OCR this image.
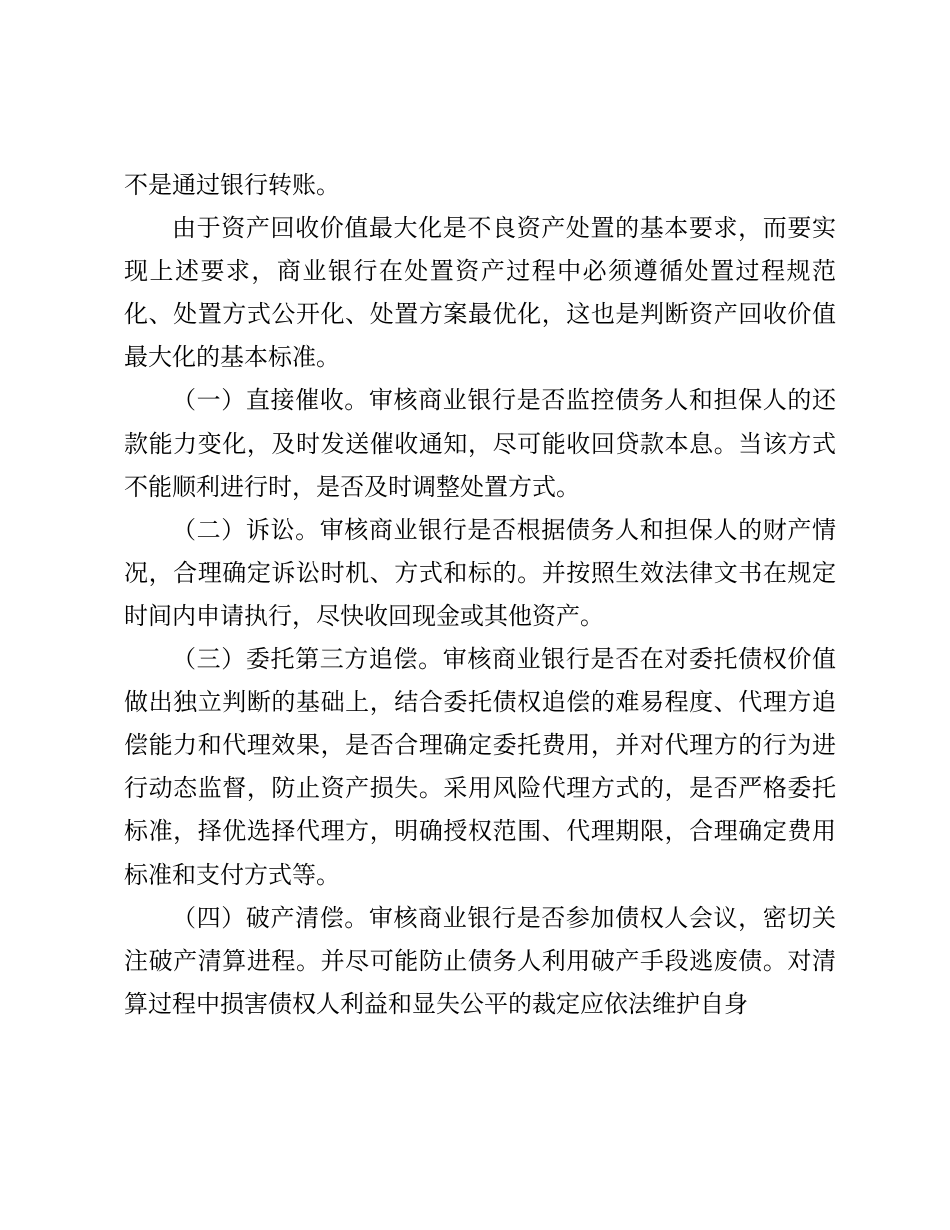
不是通过银行转账。

由于资产回收价值最大化是不良资产处置的基本要求，而要实现上述要求，商业银行在处置资产过程中必须遵循处置过程规范化、处置方式公开化、处置方案最优化，这也是判断资产回收价值最大化的基本标准。

（一）直接催收。审核商业银行是否监控债务人和担保人的还款能力变化，及时发送催收通知，尽可能收回贷款本息。当该方式不能顺利进行时，是否及时调整处置方式。

（二）诉讼。审核商业银行是否根据债务人和担保人的财产情况，合理确定诉讼时机、方式和标的。并按照生效法律文书在规定时间内申请执行，尽快收回现金或其他资产。

（三）委托第三方追偿。审核商业银行是否在对委托债权价值做出独立判断的基础上，结合委托债权追偿的难易程度、代理方追偿能力和代理效果，是否合理确定委托费用，并对代理方的行为进行动态监督，防止资产损失。采用风险代理方式的，是否严格委托标准，择优选择代理方，明确授权范围、代理期限，合理确定费用标准和支付方式等。

（四）破产清偿。审核商业银行是否参加债权人会议，密切关注破产清算进程。并尽可能防止债务人利用破产手段逃废债。对清算过程中损害债权人利益和显失公平的裁定应依法维护自身
